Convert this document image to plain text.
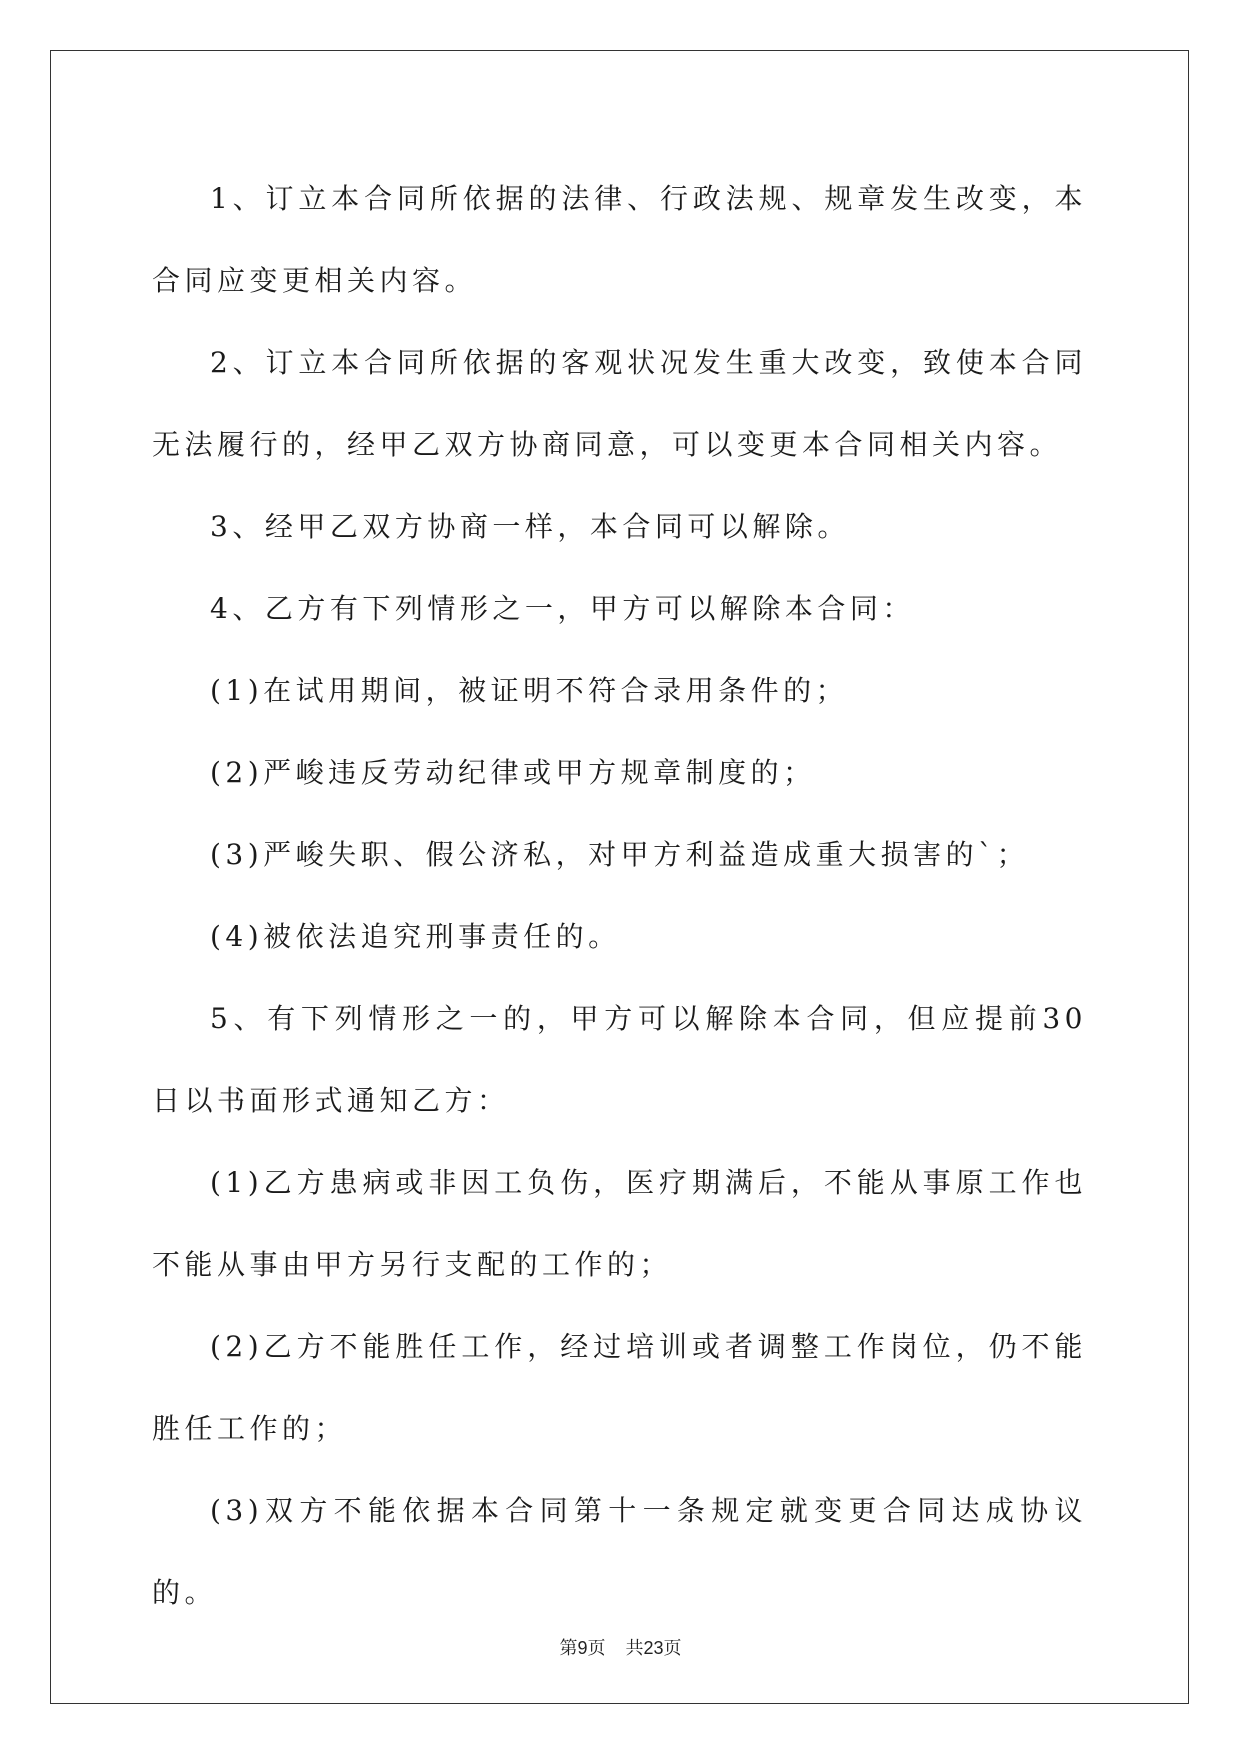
1、订立本合同所依据的法律、行政法规、规章发生改变，本合同应变更相关内容。

2、订立本合同所依据的客观状况发生重大改变，致使本合同无法履行的，经甲乙双方协商同意，可以变更本合同相关内容。

3、经甲乙双方协商一样，本合同可以解除。

4、乙方有下列情形之一，甲方可以解除本合同：

(1)在试用期间，被证明不符合录用条件的；

(2)严峻违反劳动纪律或甲方规章制度的；

(3)严峻失职、假公济私，对甲方利益造成重大损害的`；

(4)被依法追究刑事责任的。

5、有下列情形之一的，甲方可以解除本合同，但应提前30日以书面形式通知乙方：

(1)乙方患病或非因工负伤，医疗期满后，不能从事原工作也不能从事由甲方另行支配的工作的；

(2)乙方不能胜任工作，经过培训或者调整工作岗位，仍不能胜任工作的；

(3)双方不能依据本合同第十一条规定就变更合同达成协议的。

第9页 共23页
